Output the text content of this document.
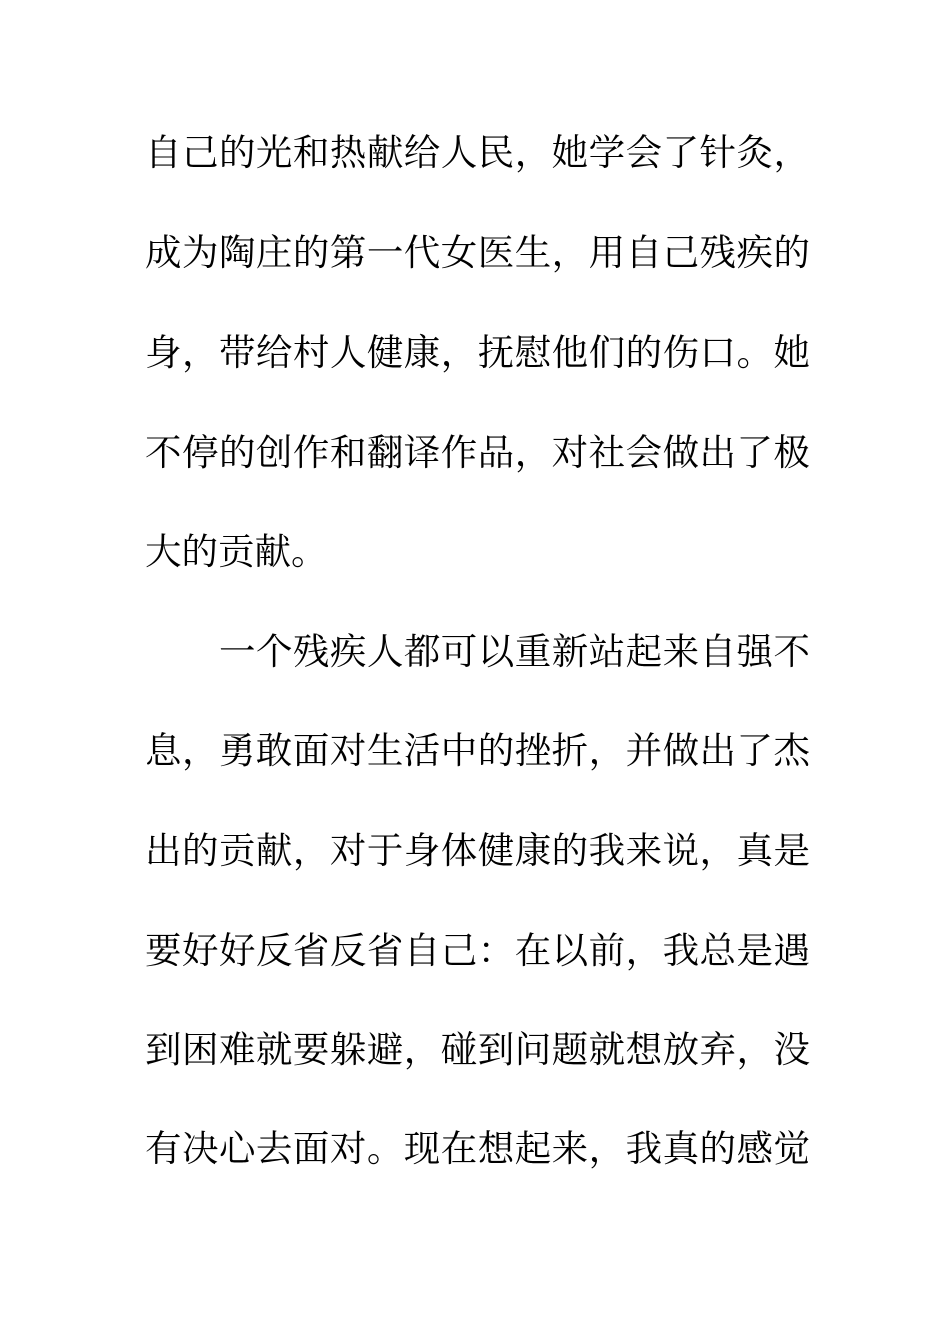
自己的光和热献给人民，她学会了针灸，
成为陶庄的第一代女医生，用自己残疾的
身，带给村人健康，抚慰他们的伤口。她
不停的创作和翻译作品，对社会做出了极
大的贡献。
一个残疾人都可以重新站起来自强不
息，勇敢面对生活中的挫折，并做出了杰
出的贡献，对于身体健康的我来说，真是
要好好反省反省自己：在以前，我总是遇
到困难就要躲避，碰到问题就想放弃，没
有决心去面对。现在想起来，我真的感觉
